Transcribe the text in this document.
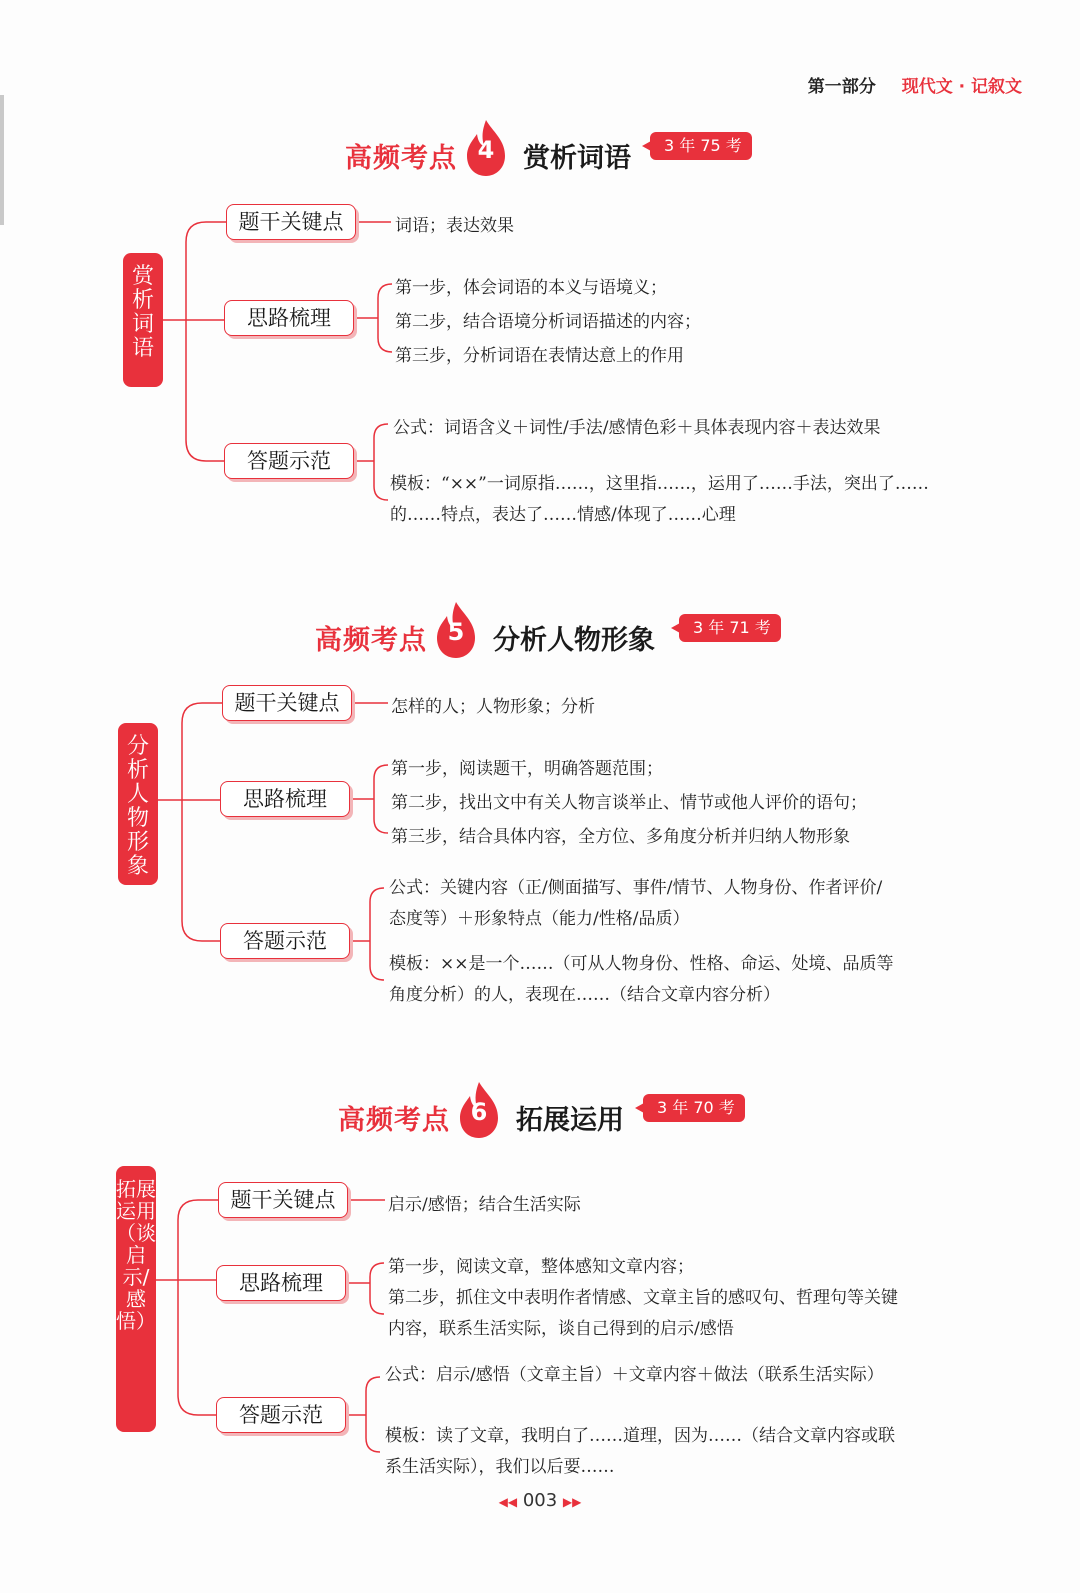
第一部分 现代文 · 记叙文
高频考点 4	赏析词语	3 年 75 考
赏析词语
题干关键点
思路梳理
答题示范
词语；表达效果
第一步，体会词语的本义与语境义；
第二步，结合语境分析词语描述的内容；
第三步，分析词语在表情达意上的作用
公式：词语含义＋词性/手法/感情色彩＋具体表现内容＋表达效果
模板：“××”一词原指……，这里指……，运用了……手法，突出了……的……特点，表达了……情感/体现了……心理
高频考点 5	分析人物形象	3 年 71 考
分析人物形象
题干关键点
思路梳理
答题示范
怎样的人；人物形象；分析
第一步，阅读题干，明确答题范围；
第二步，找出文中有关人物言谈举止、情节或他人评价的语句；
第三步，结合具体内容，全方位、多角度分析并归纳人物形象
公式：关键内容（正/侧面描写、事件/情节、人物身份、作者评价/态度等）＋形象特点（能力/性格/品质）
模板：××是一个……（可从人物身份、性格、命运、处境、品质等角度分析）的人，表现在……（结合文章内容分析）
高频考点 6	拓展运用	3 年 70 考
拓展运用（谈启示/感悟）
题干关键点
思路梳理
答题示范
启示/感悟；结合生活实际
第一步，阅读文章，整体感知文章内容；
第二步，抓住文中表明作者情感、文章主旨的感叹句、哲理句等关键内容，联系生活实际，谈自己得到的启示/感悟
公式：启示/感悟（文章主旨）＋文章内容＋做法（联系生活实际）
模板：读了文章，我明白了……道理，因为……（结合文章内容或联系生活实际），我们以后要……
◀◀ 003 ▶▶
